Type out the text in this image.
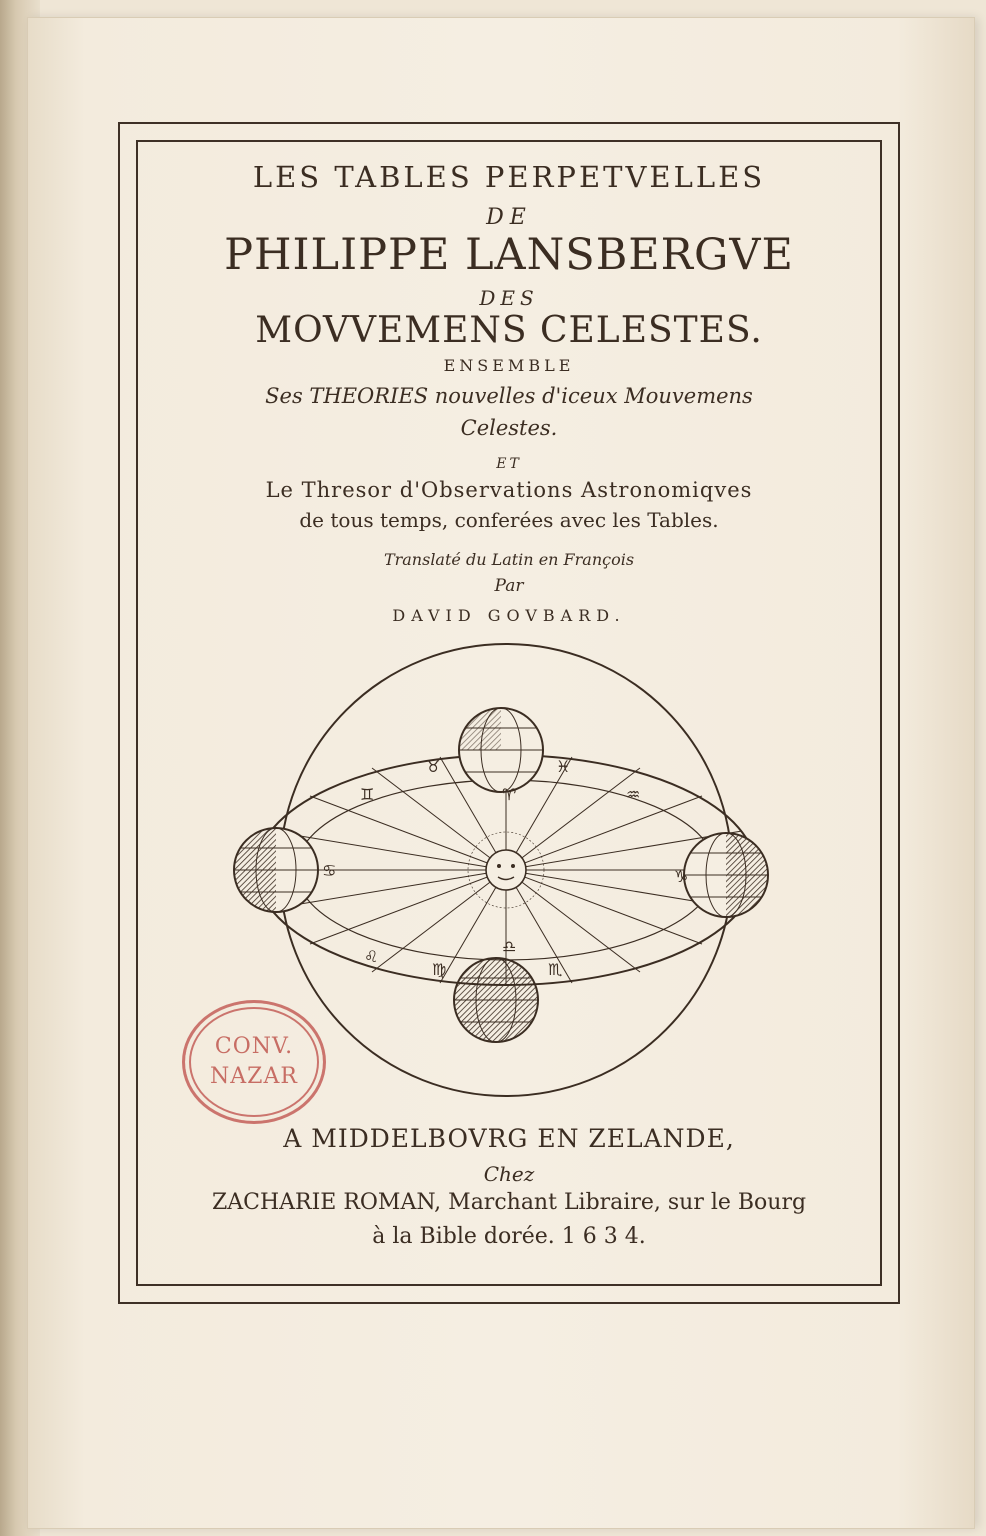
LES TABLES PERPETVELLES
DE
PHILIPPE LANSBERGVE
DES
MOVVEMENS CELESTES.
ENSEMBLE
Ses THEORIES nouvelles d'iceux Mouvemens
Celestes.
ET
Le Thresor d'Observations Astronomiqves
de tous temps, conferées avec les Tables.
Translaté du Latin en François
Par
DAVID GOVBARD.
♉	♓
♊	♒
♋	♑
♌
♍	♏
♈
♎
CONV.
NAZAR
A MIDDELBOVRG EN ZELANDE,
Chez
ZACHARIE ROMAN, Marchant Libraire, sur le Bourg
à la Bible dorée. 1 6 3 4.
